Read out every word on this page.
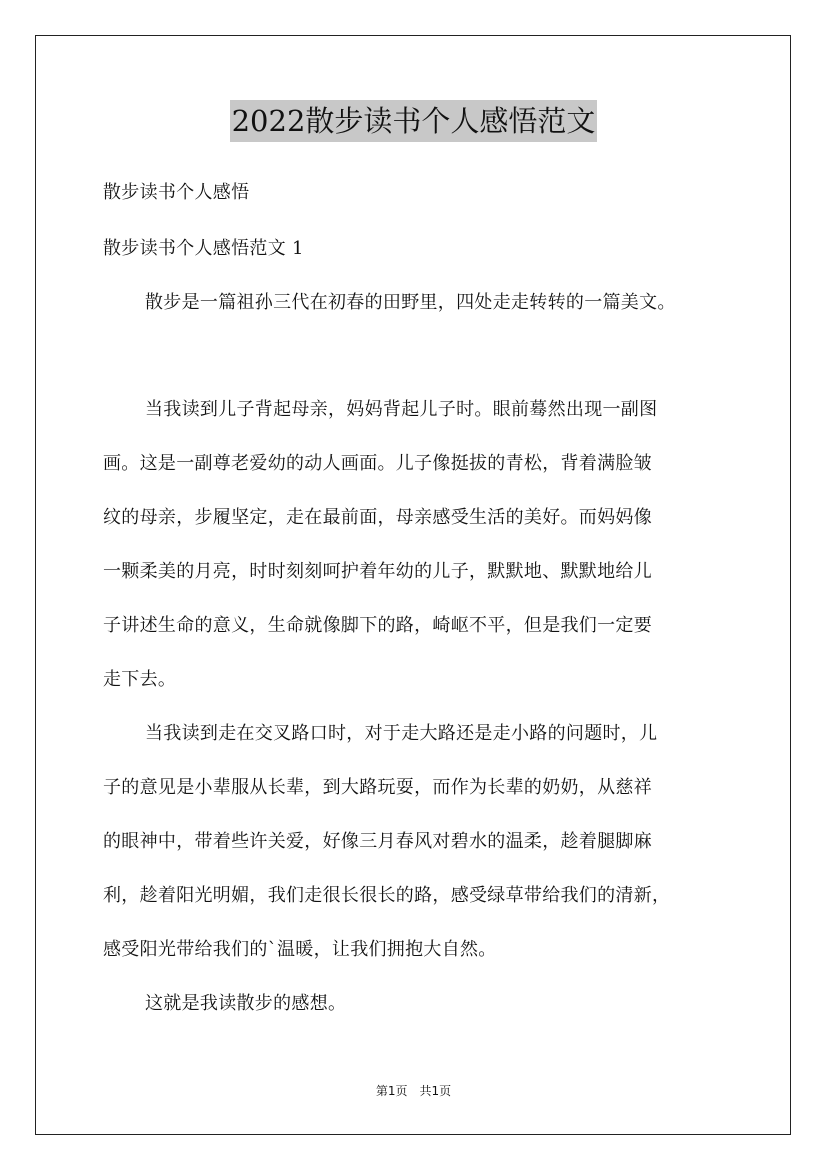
2022散步读书个人感悟范文
散步读书个人感悟
散步读书个人感悟范文 1
散步是一篇祖孙三代在初春的田野里，四处走走转转的一篇美文。
当我读到儿子背起母亲，妈妈背起儿子时。眼前蓦然出现一副图
画。这是一副尊老爱幼的动人画面。儿子像挺拔的青松，背着满脸皱
纹的母亲，步履坚定，走在最前面，母亲感受生活的美好。而妈妈像
一颗柔美的月亮，时时刻刻呵护着年幼的儿子，默默地、默默地给儿
子讲述生命的意义，生命就像脚下的路，崎岖不平，但是我们一定要
走下去。
当我读到走在交叉路口时，对于走大路还是走小路的问题时，儿
子的意见是小辈服从长辈，到大路玩耍，而作为长辈的奶奶，从慈祥
的眼神中，带着些许关爱，好像三月春风对碧水的温柔，趁着腿脚麻
利，趁着阳光明媚，我们走很长很长的路，感受绿草带给我们的清新，
感受阳光带给我们的`温暖，让我们拥抱大自然。
这就是我读散步的感想。
第1页　共1页
